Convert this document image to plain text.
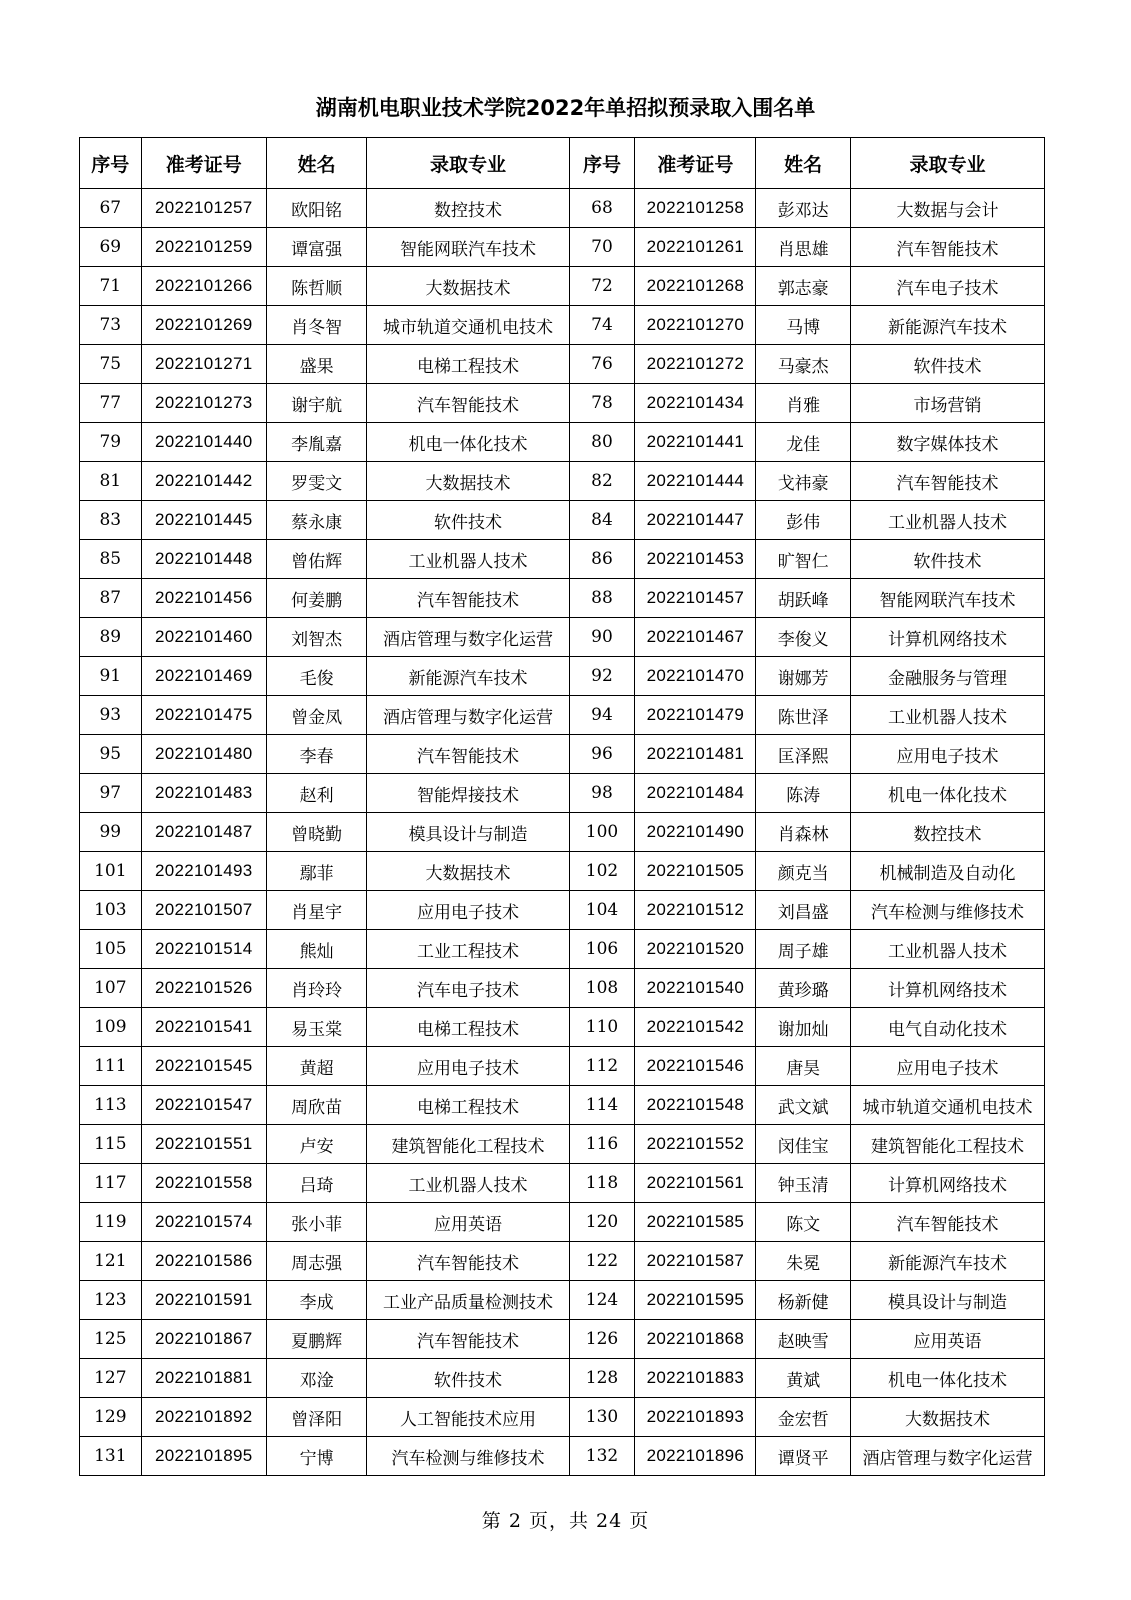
湖南机电职业技术学院2022年单招拟预录取入围名单
序号	准考证号	姓名	录取专业	序号	准考证号	姓名	录取专业
67	2022101257	欧阳铭	数控技术	68	2022101258	彭邓达	大数据与会计
69	2022101259	谭富强	智能网联汽车技术	70	2022101261	肖思雄	汽车智能技术
71	2022101266	陈哲顺	大数据技术	72	2022101268	郭志豪	汽车电子技术
73	2022101269	肖冬智	城市轨道交通机电技术	74	2022101270	马博	新能源汽车技术
75	2022101271	盛果	电梯工程技术	76	2022101272	马豪杰	软件技术
77	2022101273	谢宇航	汽车智能技术	78	2022101434	肖雅	市场营销
79	2022101440	李胤嘉	机电一体化技术	80	2022101441	龙佳	数字媒体技术
81	2022101442	罗雯文	大数据技术	82	2022101444	戈祎豪	汽车智能技术
83	2022101445	蔡永康	软件技术	84	2022101447	彭伟	工业机器人技术
85	2022101448	曾佑辉	工业机器人技术	86	2022101453	旷智仁	软件技术
87	2022101456	何姜鹏	汽车智能技术	88	2022101457	胡跃峰	智能网联汽车技术
89	2022101460	刘智杰	酒店管理与数字化运营	90	2022101467	李俊义	计算机网络技术
91	2022101469	毛俊	新能源汽车技术	92	2022101470	谢娜芳	金融服务与管理
93	2022101475	曾金凤	酒店管理与数字化运营	94	2022101479	陈世泽	工业机器人技术
95	2022101480	李春	汽车智能技术	96	2022101481	匡泽熙	应用电子技术
97	2022101483	赵利	智能焊接技术	98	2022101484	陈涛	机电一体化技术
99	2022101487	曾晓勤	模具设计与制造	100	2022101490	肖森林	数控技术
101	2022101493	鄢菲	大数据技术	102	2022101505	颜克当	机械制造及自动化
103	2022101507	肖星宇	应用电子技术	104	2022101512	刘昌盛	汽车检测与维修技术
105	2022101514	熊灿	工业工程技术	106	2022101520	周子雄	工业机器人技术
107	2022101526	肖玲玲	汽车电子技术	108	2022101540	黄珍璐	计算机网络技术
109	2022101541	易玉棠	电梯工程技术	110	2022101542	谢加灿	电气自动化技术
111	2022101545	黄超	应用电子技术	112	2022101546	唐昊	应用电子技术
113	2022101547	周欣苗	电梯工程技术	114	2022101548	武文斌	城市轨道交通机电技术
115	2022101551	卢安	建筑智能化工程技术	116	2022101552	闵佳宝	建筑智能化工程技术
117	2022101558	吕琦	工业机器人技术	118	2022101561	钟玉清	计算机网络技术
119	2022101574	张小菲	应用英语	120	2022101585	陈文	汽车智能技术
121	2022101586	周志强	汽车智能技术	122	2022101587	朱冕	新能源汽车技术
123	2022101591	李成	工业产品质量检测技术	124	2022101595	杨新健	模具设计与制造
125	2022101867	夏鹏辉	汽车智能技术	126	2022101868	赵映雪	应用英语
127	2022101881	邓淦	软件技术	128	2022101883	黄斌	机电一体化技术
129	2022101892	曾泽阳	人工智能技术应用	130	2022101893	金宏哲	大数据技术
131	2022101895	宁博	汽车检测与维修技术	132	2022101896	谭贤平	酒店管理与数字化运营
第 2 页，共 24 页
